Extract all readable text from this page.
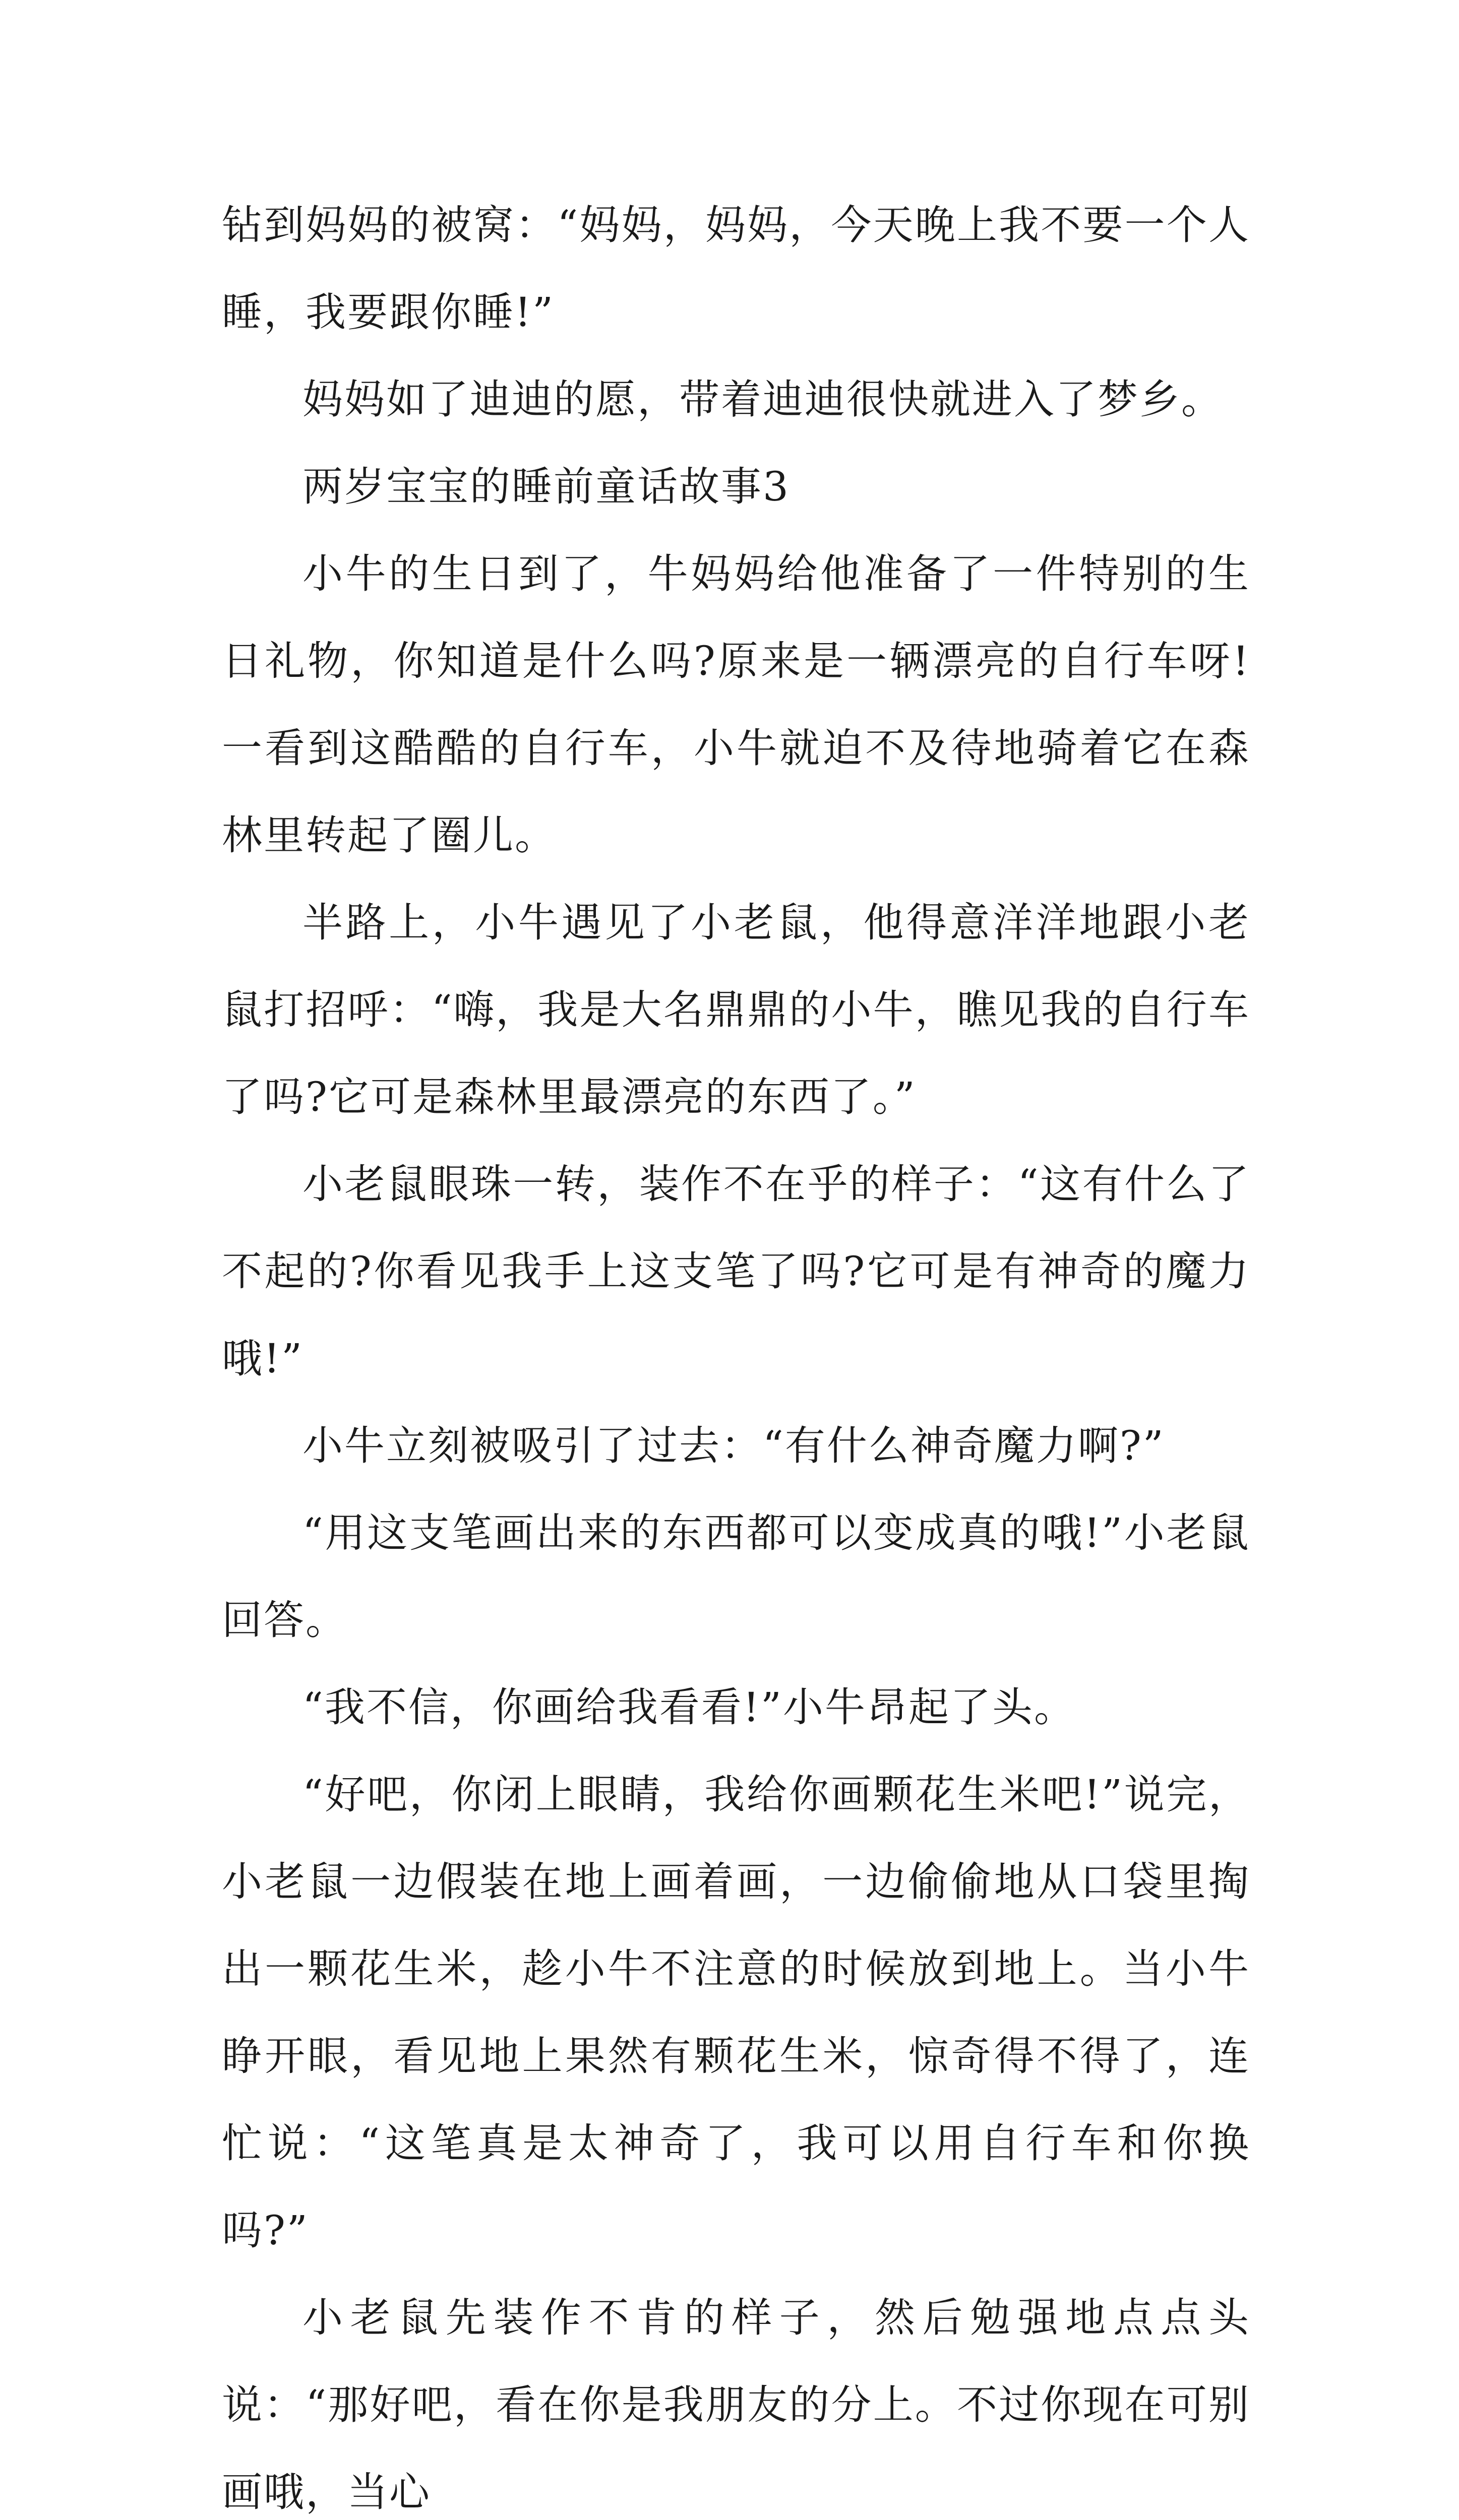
钻到妈妈的被窝：“妈妈，妈妈，今天晚上我不要一个人睡，我要跟你睡!”

妈妈如了迪迪的愿，带着迪迪很快就进入了梦乡。

两岁宝宝的睡前童话故事3

小牛的生日到了，牛妈妈给他准备了一件特别的生日礼物，你知道是什么吗?原来是一辆漂亮的自行车呀!一看到这酷酷的自行车，小牛就迫不及待地骑着它在森林里转起了圈儿。

半路上，小牛遇见了小老鼠，他得意洋洋地跟小老鼠打招呼：“嗨，我是大名鼎鼎的小牛，瞧见我的自行车了吗?它可是森林里最漂亮的东西了。”

小老鼠眼珠一转，装作不在乎的样子：“这有什么了不起的?你看见我手上这支笔了吗?它可是有神奇的魔力哦!”

小牛立刻被吸引了过去：“有什么神奇魔力啊?”

“用这支笔画出来的东西都可以变成真的哦!”小老鼠回答。

“我不信，你画给我看看!”小牛昂起了头。

“好吧，你闭上眼睛，我给你画颗花生米吧!”说完，小老鼠一边假装在地上画着画，一边偷偷地从口袋里掏出一颗花生米，趁小牛不注意的时候放到地上。当小牛睁开眼，看见地上果然有颗花生米，惊奇得不得了，连忙说：“这笔真是太神奇了，我可以用自行车和你换吗?”

小老鼠先装作不肯的样子，然后勉强地点点头说：“那好吧，看在你是我朋友的分上。不过你现在可别画哦，当心
